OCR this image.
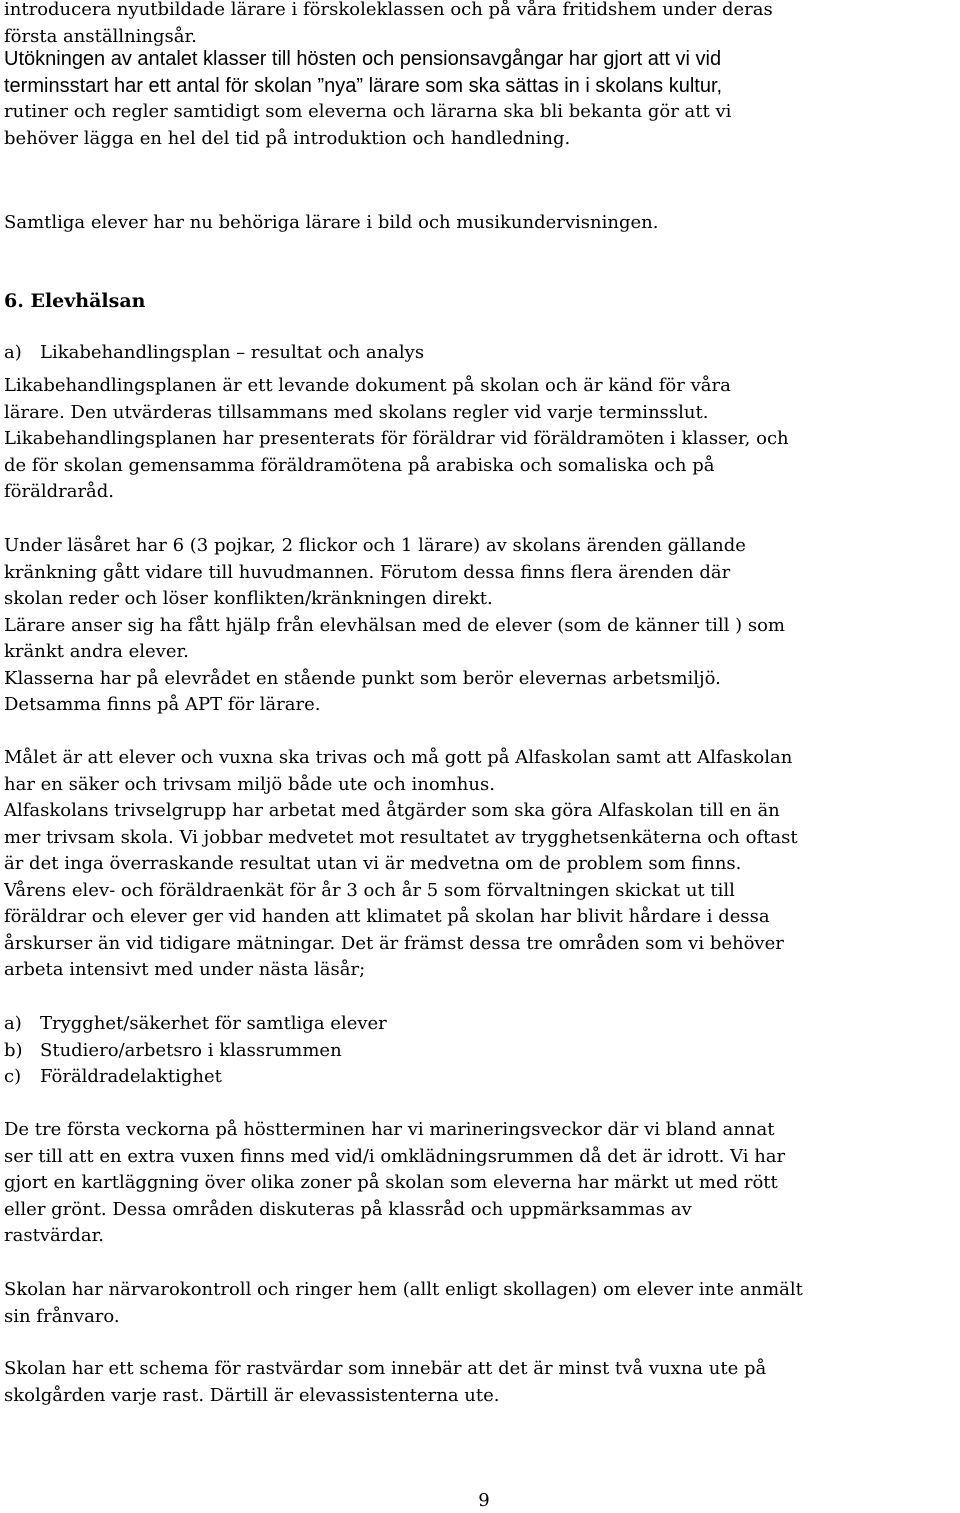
introducera nyutbildade lärare i förskoleklassen och på våra fritidshem under deras
första anställningsår.
Utökningen av antalet klasser till hösten och pensionsavgångar har gjort att vi vid
terminsstart har ett antal för skolan ”nya” lärare som ska sättas in i skolans kultur,
rutiner och regler samtidigt som eleverna och lärarna ska bli bekanta gör att vi
behöver lägga en hel del tid på introduktion och handledning.
Samtliga elever har nu behöriga lärare i bild och musikundervisningen.
6. Elevhälsan
a) Likabehandlingsplan – resultat och analys
Likabehandlingsplanen är ett levande dokument på skolan och är känd för våra
lärare. Den utvärderas tillsammans med skolans regler vid varje terminsslut.
Likabehandlingsplanen har presenterats för föräldrar vid föräldramöten i klasser, och
de för skolan gemensamma föräldramötena på arabiska och somaliska och på
föräldraråd.
Under läsåret har 6 (3 pojkar, 2 flickor och 1 lärare) av skolans ärenden gällande
kränkning gått vidare till huvudmannen. Förutom dessa finns flera ärenden där
skolan reder och löser konflikten/kränkningen direkt.
Lärare anser sig ha fått hjälp från elevhälsan med de elever (som de känner till ) som
kränkt andra elever.
Klasserna har på elevrådet en stående punkt som berör elevernas arbetsmiljö.
Detsamma finns på APT för lärare.
Målet är att elever och vuxna ska trivas och må gott på Alfaskolan samt att Alfaskolan
har en säker och trivsam miljö både ute och inomhus.
Alfaskolans trivselgrupp har arbetat med åtgärder som ska göra Alfaskolan till en än
mer trivsam skola. Vi jobbar medvetet mot resultatet av trygghetsenkäterna och oftast
är det inga överraskande resultat utan vi är medvetna om de problem som finns.
Vårens elev- och föräldraenkät för år 3 och år 5 som förvaltningen skickat ut till
föräldrar och elever ger vid handen att klimatet på skolan har blivit hårdare i dessa
årskurser än vid tidigare mätningar. Det är främst dessa tre områden som vi behöver
arbeta intensivt med under nästa läsår;
a) Trygghet/säkerhet för samtliga elever
b) Studiero/arbetsro i klassrummen
c) Föräldradelaktighet
De tre första veckorna på höstterminen har vi marineringsveckor där vi bland annat
ser till att en extra vuxen finns med vid/i omklädningsrummen då det är idrott. Vi har
gjort en kartläggning över olika zoner på skolan som eleverna har märkt ut med rött
eller grönt. Dessa områden diskuteras på klassråd och uppmärksammas av
rastvärdar.
Skolan har närvarokontroll och ringer hem (allt enligt skollagen) om elever inte anmält
sin frånvaro.
Skolan har ett schema för rastvärdar som innebär att det är minst två vuxna ute på
skolgården varje rast. Därtill är elevassistenterna ute.
9
